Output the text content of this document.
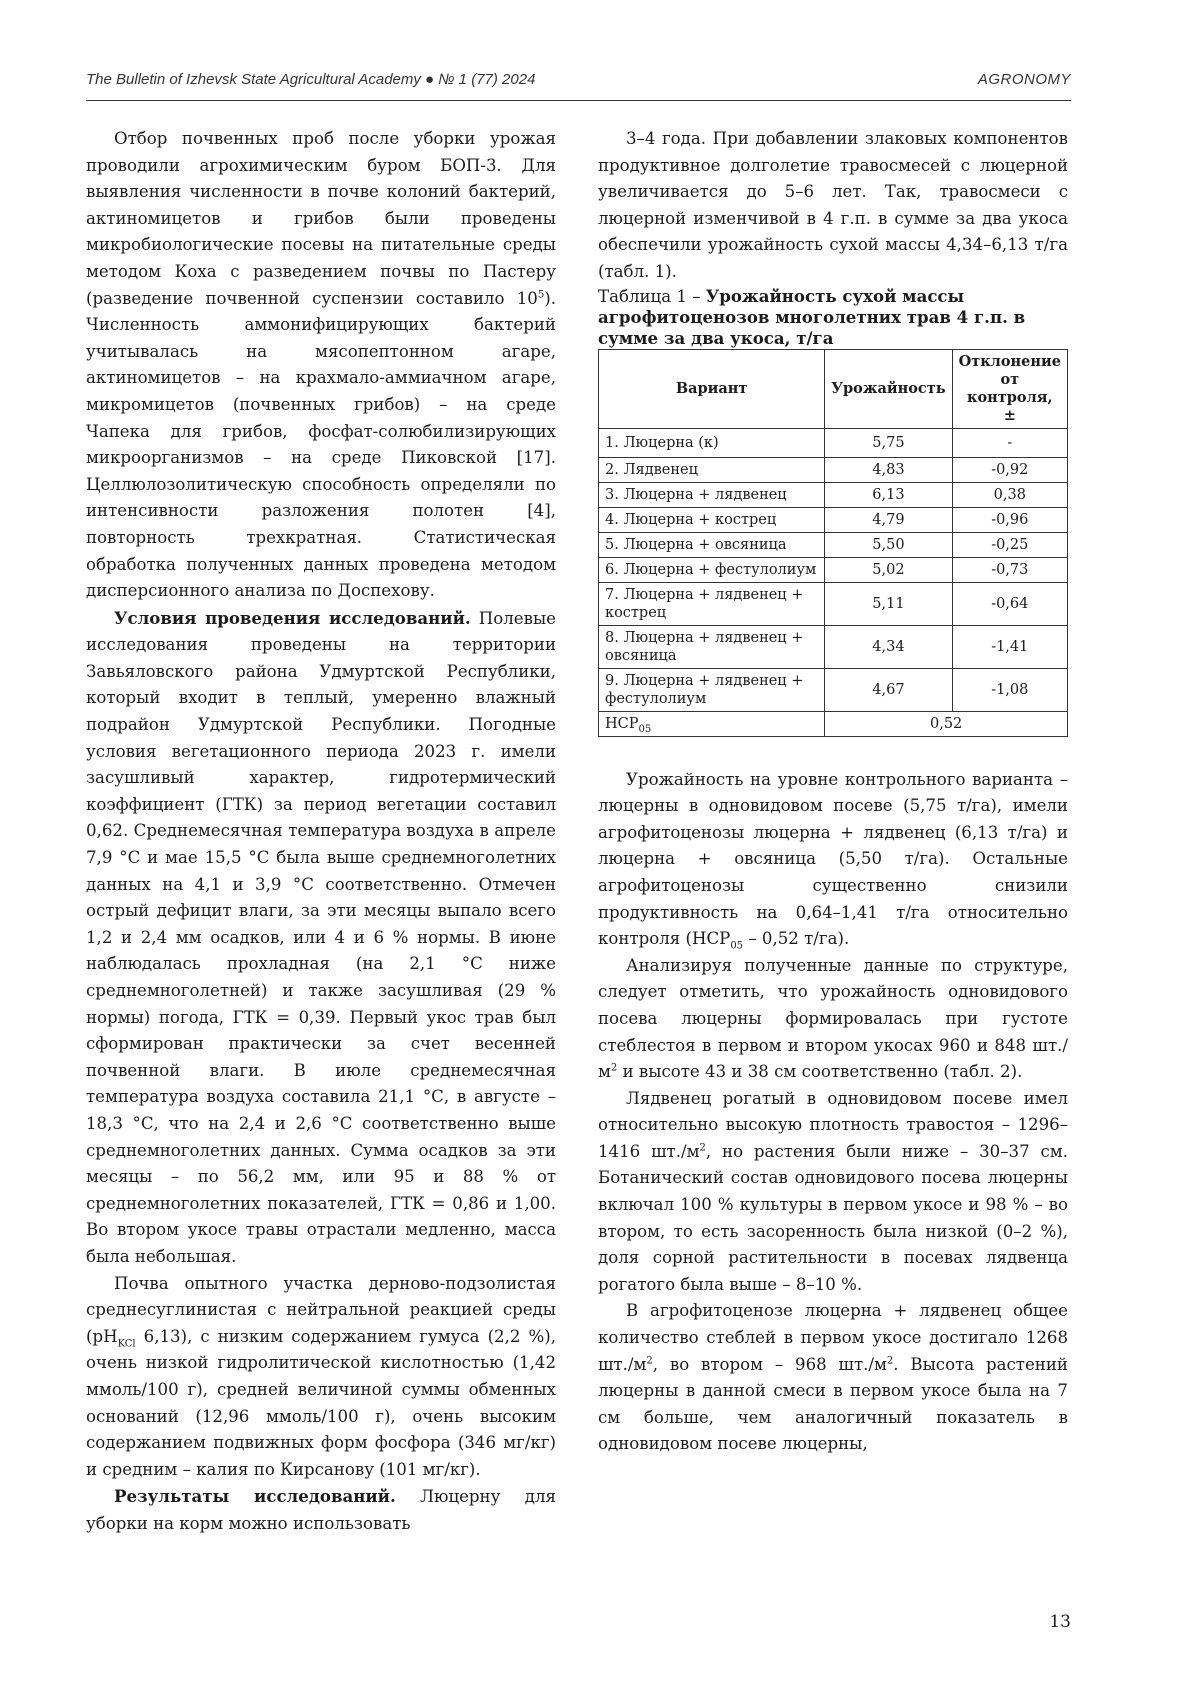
The Bulletin of Izhevsk State Agricultural Academy ● № 1 (77) 2024	AGRONOMY

Отбор почвенных проб после уборки урожая проводили агрохимическим буром БОП-3. Для выявления численности в почве колоний бактерий, актиномицетов и грибов были проведены микробиологические посевы на питательные среды методом Коха с разведением почвы по Пастеру (разведение почвенной суспензии составило $10^5$). Численность аммонифицирующих бактерий учитывалась на мясопептонном агаре, актиномицетов – на крахмало-аммиачном агаре, микромицетов (почвенных грибов) – на среде Чапека для грибов, фосфат-солюбилизирующих микроорганизмов – на среде Пиковской [17]. Целлюлозолитическую способность определяли по интенсивности разложения полотен [4], повторность трехкратная. Статистическая обработка полученных данных проведена методом дисперсионного анализа по Доспехову.

Условия проведения исследований. Полевые исследования проведены на территории Завьяловского района Удмуртской Республики, который входит в теплый, умеренно влажный подрайон Удмуртской Республики. Погодные условия вегетационного периода 2023 г. имели засушливый характер, гидротермический коэффициент (ГТК) за период вегетации составил 0,62. Среднемесячная температура воздуха в апреле 7,9 °С и мае 15,5 °С была выше среднемноголетних данных на 4,1 и 3,9 °С соответственно. Отмечен острый дефицит влаги, за эти месяцы выпало всего 1,2 и 2,4 мм осадков, или 4 и 6 % нормы. В июне наблюдалась прохладная (на 2,1 °С ниже среднемноголетней) и также засушливая (29 % нормы) погода, ГТК = 0,39. Первый укос трав был сформирован практически за счет весенней почвенной влаги. В июле среднемесячная температура воздуха составила 21,1 °С, в августе – 18,3 °С, что на 2,4 и 2,6 °С соответственно выше среднемноголетних данных. Сумма осадков за эти месяцы – по 56,2 мм, или 95 и 88 % от среднемноголетних показателей, ГТК = 0,86 и 1,00. Во втором укосе травы отрастали медленно, масса была небольшая.

Почва опытного участка дерново-подзолистая среднесуглинистая с нейтральной реакцией среды ($pH_{KCl}$ 6,13), с низким содержанием гумуса (2,2 %), очень низкой гидролитической кислотностью (1,42 ммоль/100 г), средней величиной суммы обменных оснований (12,96 ммоль/100 г), очень высоким содержанием подвижных форм фосфора (346 мг/кг) и средним – калия по Кирсанову (101 мг/кг).

Результаты исследований. Люцерну для уборки на корм можно использовать

3–4 года. При добавлении злаковых компонентов продуктивное долголетие травосмесей с люцерной увеличивается до 5–6 лет. Так, травосмеси с люцерной изменчивой в 4 г.п. в сумме за два укоса обеспечили урожайность сухой массы 4,34–6,13 т/га (табл. 1).

Таблица 1 – Урожайность сухой массы агрофитоценозов многолетних трав 4 г.п. в сумме за два укоса, т/га

Вариант	Урожайность	Отклонение от контроля, ±
1. Люцерна (к)	5,75	-
2. Лядвенец	4,83	-0,92
3. Люцерна + лядвенец	6,13	0,38
4. Люцерна + кострец	4,79	-0,96
5. Люцерна + овсяница	5,50	-0,25
6. Люцерна + фестулолиум	5,02	-0,73
7. Люцерна + лядвенец + кострец	5,11	-0,64
8. Люцерна + лядвенец + овсяница	4,34	-1,41
9. Люцерна + лядвенец + фестулолиум	4,67	-1,08
$НСР_{05}$	0,52	

Урожайность на уровне контрольного варианта – люцерны в одновидовом посеве (5,75 т/га), имели агрофитоценозы люцерна + лядвенец (6,13 т/га) и люцерна + овсяница (5,50 т/га). Остальные агрофитоценозы существенно снизили продуктивность на 0,64–1,41 т/га относительно контроля ($НСР_{05} - 0,52$ т/га).

Анализируя полученные данные по структуре, следует отметить, что урожайность одновидового посева люцерны формировалась при густоте стеблестоя в первом и втором укосах 960 и 848 $шт./м^2$ и высоте 43 и 38 см соответственно (табл. 2).

Лядвенец рогатый в одновидовом посеве имел относительно высокую плотность травостоя – 1296–1416 $шт./м^2$, но растения были ниже – 30–37 см. Ботанический состав одновидового посева люцерны включал 100 % культуры в первом укосе и 98 % – во втором, то есть засоренность была низкой (0–2 %), доля сорной растительности в посевах лядвенца рогатого была выше – 8–10 %.

В агрофитоценозе люцерна + лядвенец общее количество стеблей в первом укосе достигало 1268 $шт./м^2$, во втором – 968 $шт./м^2$. Высота растений люцерны в данной смеси в первом укосе была на 7 см больше, чем аналогичный показатель в одновидовом посеве люцерны,

13
